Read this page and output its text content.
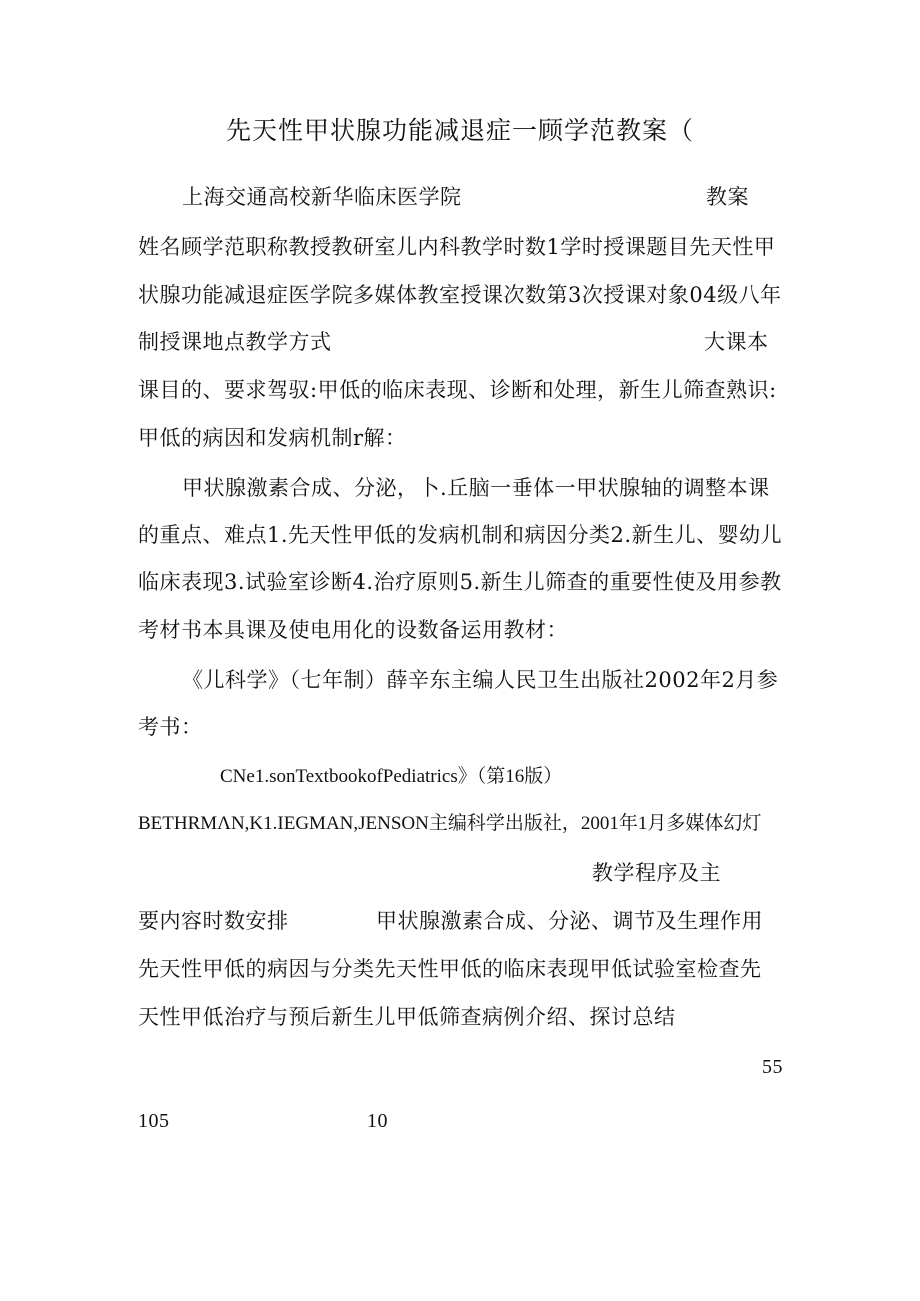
先天性甲状腺功能减退症一顾学范教案（
上海交通高校新华临床医学院	教案
姓名顾学范职称教授教研室儿内科教学时数1学时授课题目先天性甲
状腺功能减退症医学院多媒体教室授课次数第3次授课对象04级八年
制授课地点教学方式	大课本
课目的、要求驾驭:甲低的临床表现、诊断和处理，新生儿筛查熟识:
甲低的病因和发病机制r解：
甲状腺激素合成、分泌，卜.丘脑一垂体一甲状腺轴的调整本课
的重点、难点1.先天性甲低的发病机制和病因分类2.新生儿、婴幼儿
临床表现3.试验室诊断4.治疗原则5.新生儿筛查的重要性使及用参教
考材书本具课及使电用化的设数备运用教材：
《儿科学》（七年制）薛辛东主编人民卫生出版社2002年2月参
考书：
CNe1.sonTextbookofPediatrics》（第16版）
BETHRMΛN,K1.IEGMAN,JENSON主编科学出版社，2001年1月多媒体幻灯
教学程序及主
要内容时数安排	甲状腺激素合成、分泌、调节及生理作用
先天性甲低的病因与分类先天性甲低的临床表现甲低试验室检查先
天性甲低治疗与预后新生儿甲低筛查病例介绍、探讨总结
55
105	10
